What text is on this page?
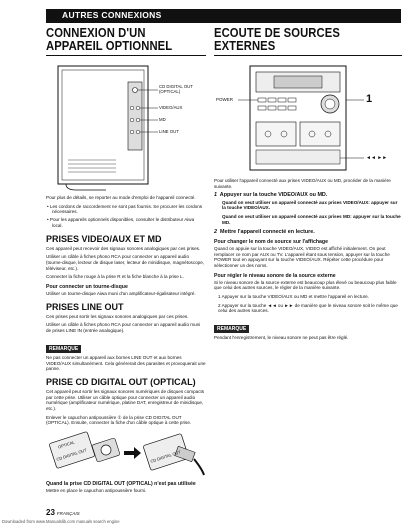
AUTRES CONNEXIONS
CONNEXION D'UN APPAREIL OPTIONNEL
CD DIGITAL OUT
(OPTICAL)
VIDEO/AUX
MD
LINE OUT

Pour plus de détails, se reporter au mode d'emploi de l'appareil connecté.

• Les cordons de raccordement ne sont pas fournis. Se procurer les cordons nécessaires.
• Pour les appareils optionnels disponibles, consulter le distributeur Aiwa local.
PRISES VIDEO/AUX ET MD

Ces appareil peut recevoir des signaux sonores analogiques par ces prises.

Utiliser un câble à fiches phono RCA pour connecter un appareil audio (tourne-disque, lecteur de disque laser, lecteur de minidisque, magnétoscope, téléviseur, etc.).

Connecter la fiche rouge à la prise R et la fiche blanche à la prise L.

Pour connecter un tourne-disque

Utiliser un tourne-disque Aiwa muni d'un amplificateur-égalisateur intégré.

PRISES LINE OUT

Ces prises peut sortir les signaux sonores analogiques par ces prises.

Utiliser un câble à fiches phono RCA pour connecter un appareil audio muni de prises LINE IN (entrée analogique).

REMARQUE

Ne pas connecter un appareil aux bornes LINE OUT et aux bornes VIDEO/AUX simultanément. Cela génèrerait des parasites et provoquerait une panne.

PRISE CD DIGITAL OUT (OPTICAL)

Cet appareil peut sortir les signaux sonores numériques de disques compacts par cette prise. Utiliser un câble optique pour connecter un appareil audio numérique (amplificateur numérique, platine DAT, enregistreur de minidisque, etc.).

Enlever le capuchon antipoussière ① de la prise CD DIGITAL OUT (OPTICAL). Ensuite, connecter la fiche d'un câble optique à cette prise.

OPTICAL
CD DIGITAL OUT	CD DIGITAL OUT
Quand la prise CD DIGITAL OUT (OPTICAL) n'est pas utilisée

Mettre en place le capuchon antipoussière fourni.

ECOUTE DE SOURCES EXTERNES
POWER	1
◄◄ ►►

Pour utiliser l'appareil connecté aux prises VIDEO/AUX ou MD, procéder de la manière suivante.

1 Appuyer sur la touche VIDEO/AUX ou MD.

Quand on veut utiliser un appareil connecté aux prises VIDEO/AUX: appuyer sur la touche VIDEO/AUX.

Quand on veut utiliser un appareil connecté aux prises MD: appuyer sur la touche MD.

2 Mettre l'appareil connecté en lecture.
Pour changer le nom de source sur l'affichage

Quand on appuie sur la touche VIDEO/AUX, VIDEO est affiché initialement. On peut remplacer ce nom par AUX ou TV. L'appareil étant sous tension, appuyer sur la touche POWER tout en appuyant sur la touche VIDEO/AUX. Répéter cette procédure pour sélectionner un des noms.

Pour régler le niveau sonore de la source externe

Si le niveau sonore de la source externe est beaucoup plus élevé ou beaucoup plus faible que celui des autres sources, le régler de la manière suivante.

1 Appuyer sur la touche VIDEO/AUX ou MD et mettre l'appareil en lecture.

2 Appuyer sur la touche ◄◄ ou ►► de manière que le niveau sonore soit le même que celui des autres sources.

REMARQUE

Pendant l'enregistrement, le niveau sonore ne peut pas être réglé.

23 FRANÇAIS
Downloaded from www.Manualslib.com manuals search engine
